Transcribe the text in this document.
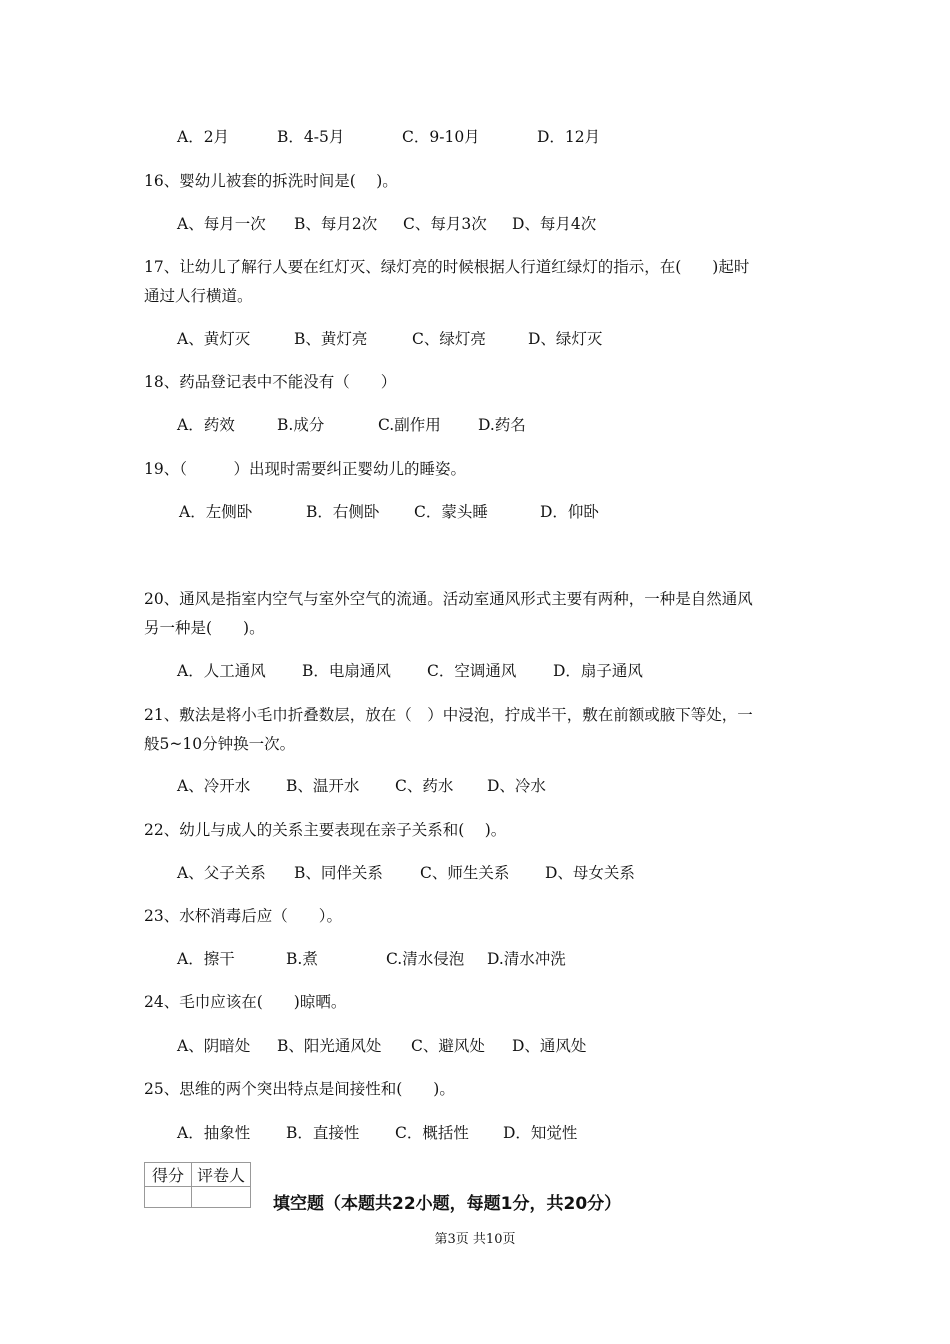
A．2月	B．4-5月	C．9-10月	D．12月
16、婴幼儿被套的拆洗时间是(　 )。
A、每月一次 B、每月2次 C、每月3次 D、每月4次
17、让幼儿了解行人要在红灯灭、绿灯亮的时候根据人行道红绿灯的指示，在(　　)起时
通过人行横道。
A、黄灯灭	B、黄灯亮	C、绿灯亮	D、绿灯灭
18、药品登记表中不能没有（　　）
A．药效	B.成分	C.副作用 D.药名
19、（　　　）出现时需要纠正婴幼儿的睡姿。
A．左侧卧	B．右侧卧 C．蒙头睡	D．仰卧
20、通风是指室内空气与室外空气的流通。活动室通风形式主要有两种，一种是自然通风
另一种是(　　)。
A．人工通风 B．电扇通风 C．空调通风 D．扇子通风
21、敷法是将小毛巾折叠数层，放在（　）中浸泡，拧成半干，敷在前额或腋下等处，一
般5~10分钟换一次。
A、冷开水 B、温开水 C、药水 D、冷水
22、幼儿与成人的关系主要表现在亲子关系和(　 )。
A、父子关系 B、同伴关系 C、师生关系 D、母女关系
23、水杯消毒后应（　　）。
A．擦干	B.煮	C.清水侵泡 D.清水冲洗
24、毛巾应该在(　　)晾晒。
A、阴暗处 B、阳光通风处 C、避风处 D、通风处
25、思维的两个突出特点是间接性和(　　)。
A．抽象性 B．直接性 C．概括性 D．知觉性
得分	评卷人

填空题（本题共22小题，每题1分，共20分）
第3页 共10页
